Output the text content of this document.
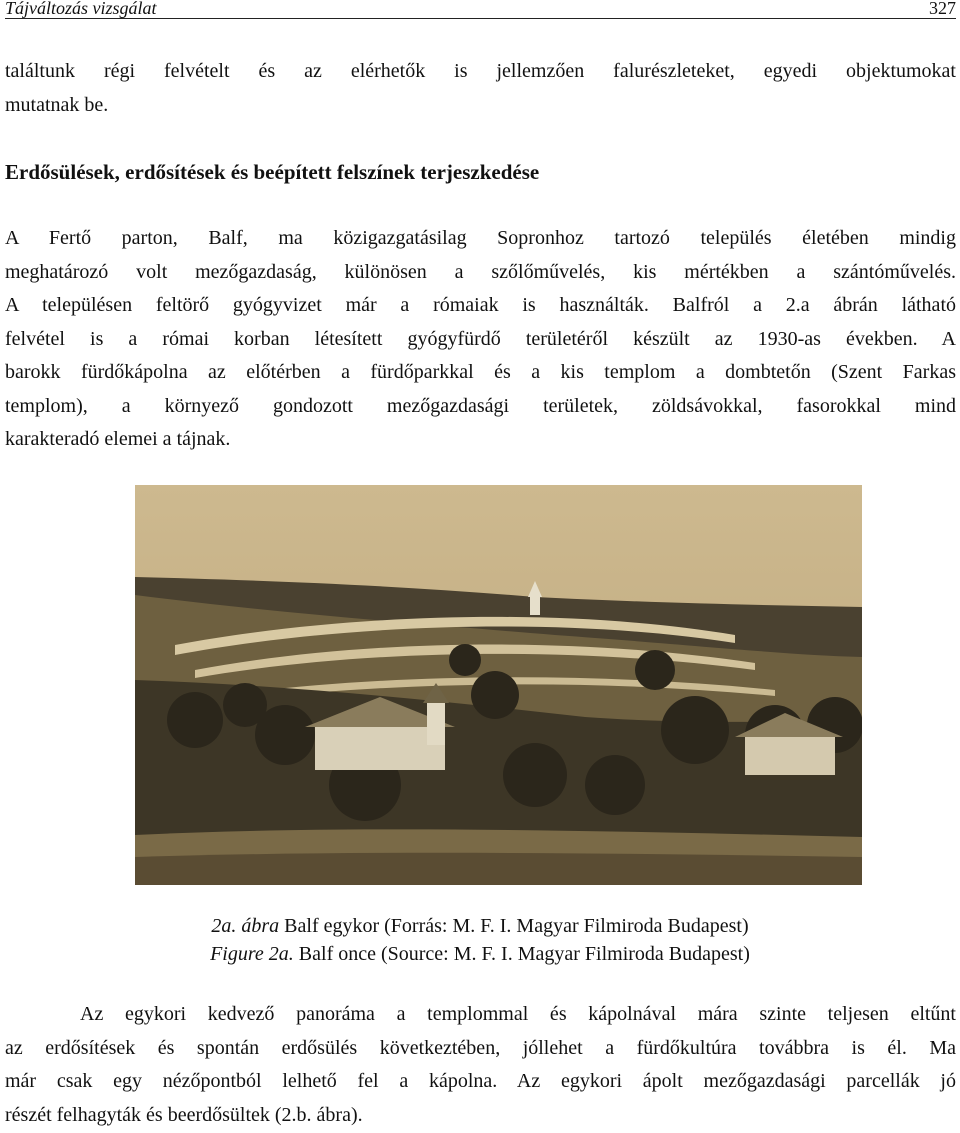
Tájváltozás vizsgálat	327
találtunk régi felvételt és az elérhetők is jellemzően falurészleteket, egyedi objektumokat
mutatnak be.
Erdősülések, erdősítések és beépített felszínek terjeszkedése
A Fertő parton, Balf, ma közigazgatásilag Sopronhoz tartozó település életében mindig
meghatározó volt mezőgazdaság, különösen a szőlőművelés, kis mértékben a szántóművelés.
A településen feltörő gyógyvizet már a rómaiak is használták. Balfról a 2.a ábrán látható
felvétel is a római korban létesített gyógyfürdő területéről készült az 1930-as években. A
barokk fürdőkápolna az előtérben a fürdőparkkal és a kis templom a dombtetőn (Szent Farkas
templom), a környező gondozott mezőgazdasági területek, zöldsávokkal, fasorokkal mind
karakteradó elemei a tájnak.

2a. ábra Balf egykor (Forrás: M. F. I. Magyar Filmiroda Budapest)

Figure 2a. Balf once (Source: M. F. I. Magyar Filmiroda Budapest)

Az egykori kedvező panoráma a templommal és kápolnával mára szinte teljesen eltűnt
az erdősítések és spontán erdősülés következtében, jóllehet a fürdőkultúra továbbra is él. Ma
már csak egy nézőpontból lelhető fel a kápolna. Az egykori ápolt mezőgazdasági parcellák jó
részét felhagyták és beerdősültek (2.b. ábra).
